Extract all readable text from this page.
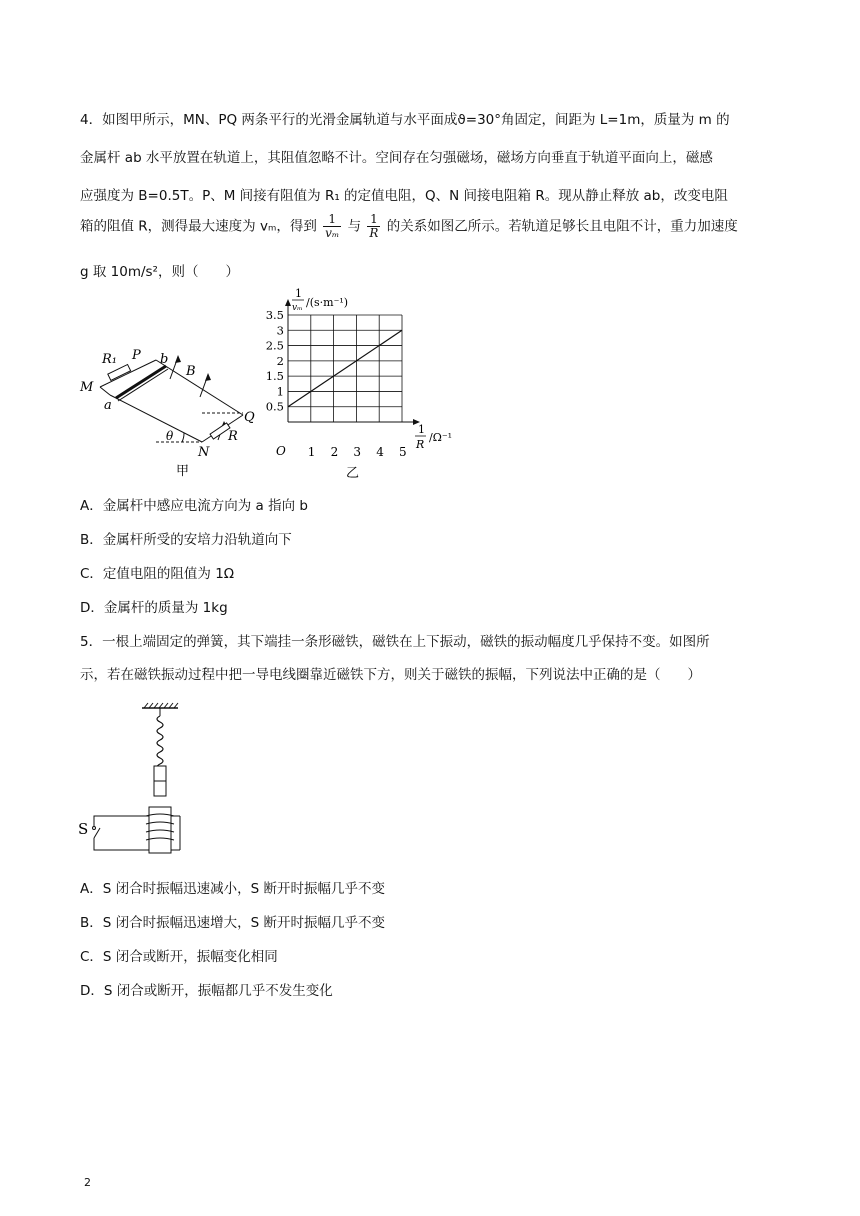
4．如图甲所示，MN、PQ 两条平行的光滑金属轨道与水平面成ϑ=30°角固定，间距为 L=1m，质量为 m 的
金属杆 ab 水平放置在轨道上，其阻值忽略不计。空间存在匀强磁场，磁场方向垂直于轨道平面向上，磁感
应强度为 B=0.5T。P、M 间接有阻值为 R₁ 的定值电阻，Q、N 间接电阻箱 R。现从静止释放 ab，改变电阻
箱的阻值 R，测得最大速度为 vₘ，得到 $\frac{1}{\text{vₘ}}$ 与 $\frac{1}{R}$ 的关系如图乙所示。若轨道足够长且电阻不计，重力加速度
g 取 10m/s²，则（　　）
R₁ P b
B
M
a
Q
R
N
θ
甲
1 2 3 4 5
0.5
1
1.5
2
2.5
3
3.5
1
vₘ /(s·m⁻¹)
1
R
/Ω⁻¹
O
乙
A．金属杆中感应电流方向为 a 指向 b
B．金属杆所受的安培力沿轨道向下
C．定值电阻的阻值为 1Ω
D．金属杆的质量为 1kg
5．一根上端固定的弹簧，其下端挂一条形磁铁，磁铁在上下振动，磁铁的振动幅度几乎保持不变。如图所
示，若在磁铁振动过程中把一导电线圈靠近磁铁下方，则关于磁铁的振幅，下列说法中正确的是（　　）
S
A．S 闭合时振幅迅速减小，S 断开时振幅几乎不变
B．S 闭合时振幅迅速增大，S 断开时振幅几乎不变
C．S 闭合或断开，振幅变化相同
D．S 闭合或断开，振幅都几乎不发生变化
2
